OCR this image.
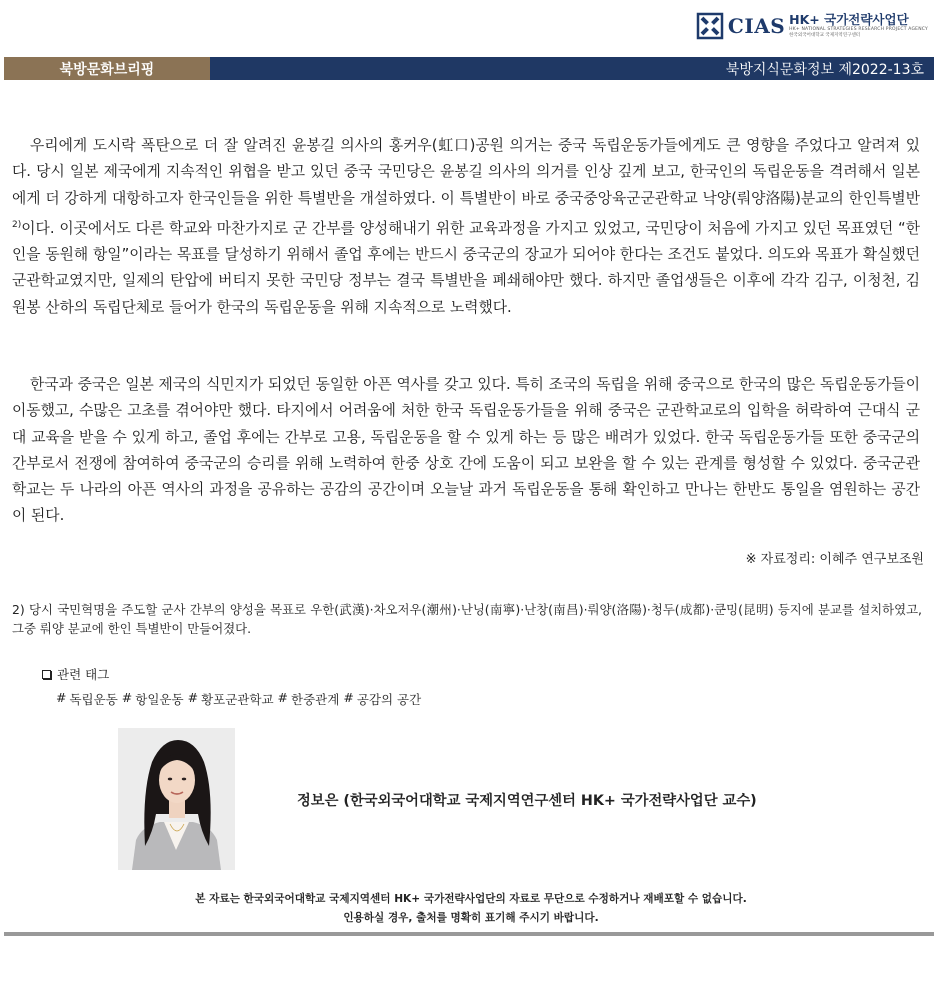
CIAS HK+ 국가전략사업단
HK+ NATIONAL STRATEGIES RESEARCH PROJECT AGENCY
한국외국어대학교 국제지역연구센터
북방문화브리핑	북방지식문화정보 제2022-13호

우리에게 도시락 폭탄으로 더 잘 알려진 윤봉길 의사의 홍커우(虹口)공원 의거는 중국 독립운동가들에게도 큰 영향을 주었다고 알려져 있다. 당시 일본 제국에게 지속적인 위협을 받고 있던 중국 국민당은 윤봉길 의사의 의거를 인상 깊게 보고, 한국인의 독립운동을 격려해서 일본에게 더 강하게 대항하고자 한국인들을 위한 특별반을 개설하였다. 이 특별반이 바로 중국중앙육군군관학교 낙양(뤄양洛陽)분교의 한인특별반$^{2)}$이다. 이곳에서도 다른 학교와 마찬가지로 군 간부를 양성해내기 위한 교육과정을 가지고 있었고, 국민당이 처음에 가지고 있던 목표였던 “한인을 동원해 항일”이라는 목표를 달성하기 위해서 졸업 후에는 반드시 중국군의 장교가 되어야 한다는 조건도 붙었다. 의도와 목표가 확실했던 군관학교였지만, 일제의 탄압에 버티지 못한 국민당 정부는 결국 특별반을 폐쇄해야만 했다. 하지만 졸업생들은 이후에 각각 김구, 이청천, 김원봉 산하의 독립단체로 들어가 한국의 독립운동을 위해 지속적으로 노력했다.

한국과 중국은 일본 제국의 식민지가 되었던 동일한 아픈 역사를 갖고 있다. 특히 조국의 독립을 위해 중국으로 한국의 많은 독립운동가들이 이동했고, 수많은 고초를 겪어야만 했다. 타지에서 어려움에 처한 한국 독립운동가들을 위해 중국은 군관학교로의 입학을 허락하여 근대식 군대 교육을 받을 수 있게 하고, 졸업 후에는 간부로 고용, 독립운동을 할 수 있게 하는 등 많은 배려가 있었다. 한국 독립운동가들 또한 중국군의 간부로서 전쟁에 참여하여 중국군의 승리를 위해 노력하여 한중 상호 간에 도움이 되고 보완을 할 수 있는 관계를 형성할 수 있었다. 중국군관학교는 두 나라의 아픈 역사의 과정을 공유하는 공감의 공간이며 오늘날 과거 독립운동을 통해 확인하고 만나는 한반도 통일을 염원하는 공간이 된다.

※ 자료정리: 이혜주 연구보조원

2) 당시 국민혁명을 주도할 군사 간부의 양성을 목표로 우한(武漢)·차오저우(潮州)·난닝(南寧)·난창(南昌)·뤄양(洛陽)·청두(成都)·쿤밍(昆明) 등지에 분교를 설치하였고, 그중 뤄양 분교에 한인 특별반이 만들어졌다.

관련 태그
# 독립운동 # 항일운동 # 황포군관학교 # 한중관계 # 공감의 공간
정보은 (한국외국어대학교 국제지역연구센터 HK+ 국가전략사업단 교수)
본 자료는 한국외국어대학교 국제지역센터 HK+ 국가전략사업단의 자료로 무단으로 수정하거나 재배포할 수 없습니다.
인용하실 경우, 출처를 명확히 표기해 주시기 바랍니다.
